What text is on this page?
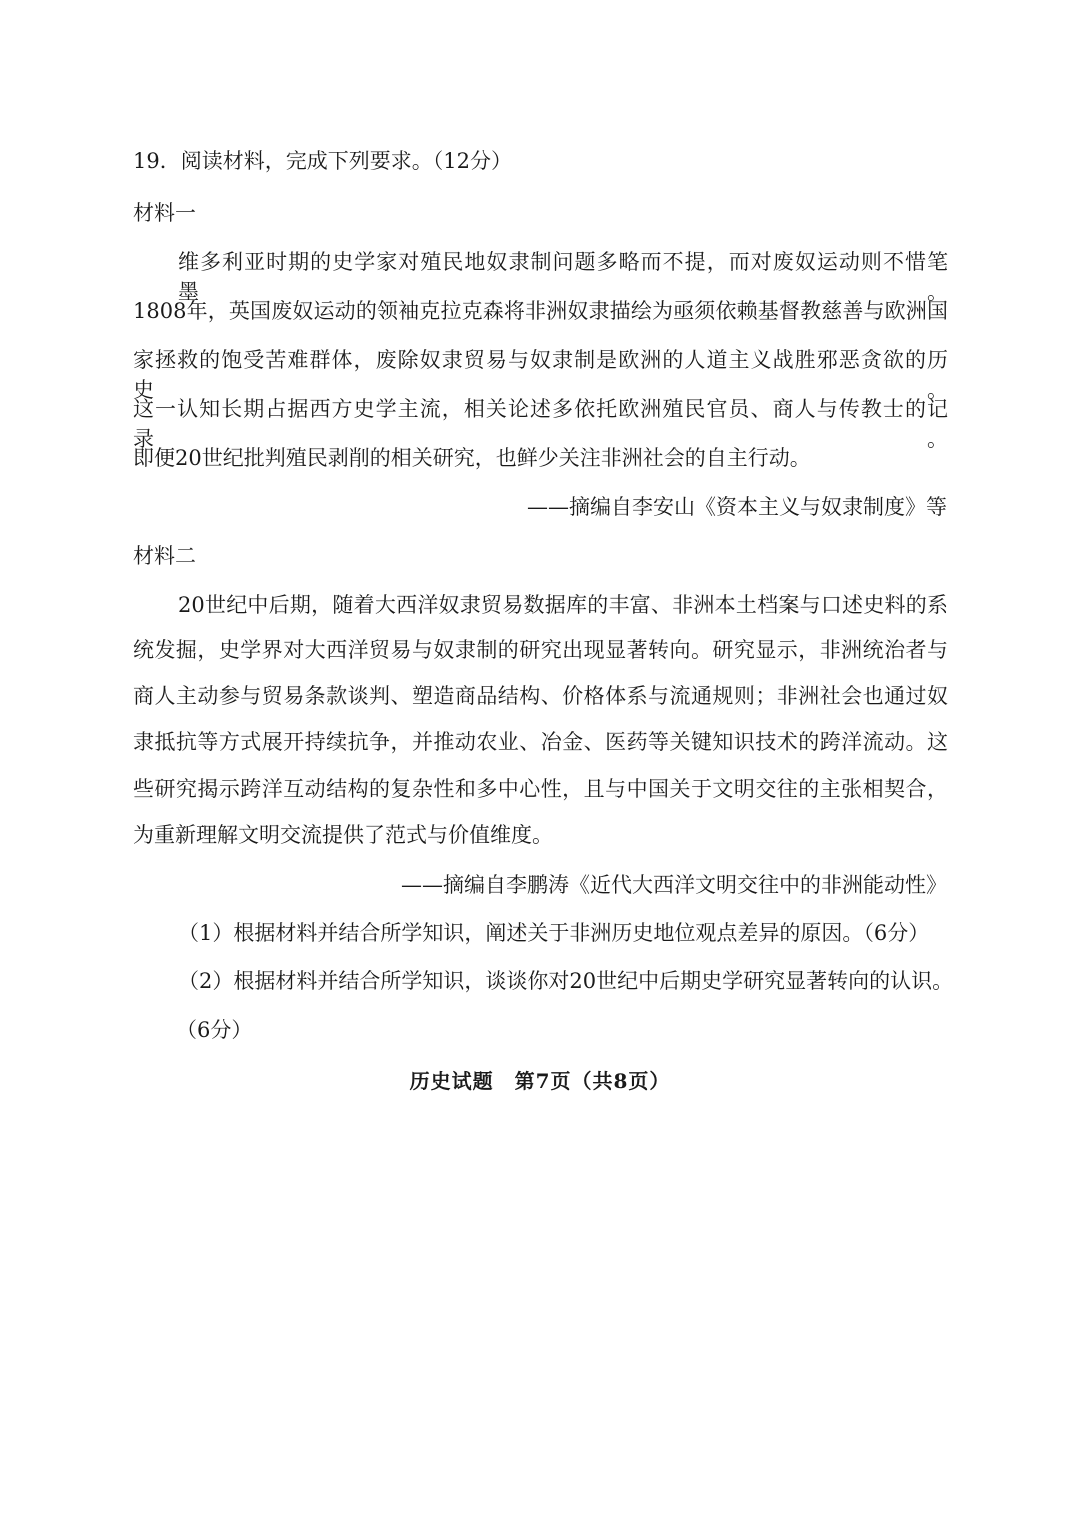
19．阅读材料，完成下列要求。（12分）
材料一
维多利亚时期的史学家对殖民地奴隶制问题多略而不提，而对废奴运动则不惜笔墨。
1808年，英国废奴运动的领袖克拉克森将非洲奴隶描绘为亟须依赖基督教慈善与欧洲国
家拯救的饱受苦难群体，废除奴隶贸易与奴隶制是欧洲的人道主义战胜邪恶贪欲的历史。
这一认知长期占据西方史学主流，相关论述多依托欧洲殖民官员、商人与传教士的记录。
即便20世纪批判殖民剥削的相关研究，也鲜少关注非洲社会的自主行动。
——摘编自李安山《资本主义与奴隶制度》等
材料二
20世纪中后期，随着大西洋奴隶贸易数据库的丰富、非洲本土档案与口述史料的系
统发掘，史学界对大西洋贸易与奴隶制的研究出现显著转向。研究显示，非洲统治者与
商人主动参与贸易条款谈判、塑造商品结构、价格体系与流通规则；非洲社会也通过奴
隶抵抗等方式展开持续抗争，并推动农业、冶金、医药等关键知识技术的跨洋流动。这
些研究揭示跨洋互动结构的复杂性和多中心性，且与中国关于文明交往的主张相契合，
为重新理解文明交流提供了范式与价值维度。
——摘编自李鹏涛《近代大西洋文明交往中的非洲能动性》
（1）根据材料并结合所学知识，阐述关于非洲历史地位观点差异的原因。（6分）
（2）根据材料并结合所学知识，谈谈你对20世纪中后期史学研究显著转向的认识。
（6分）
历史试题　第7页（共8页）
